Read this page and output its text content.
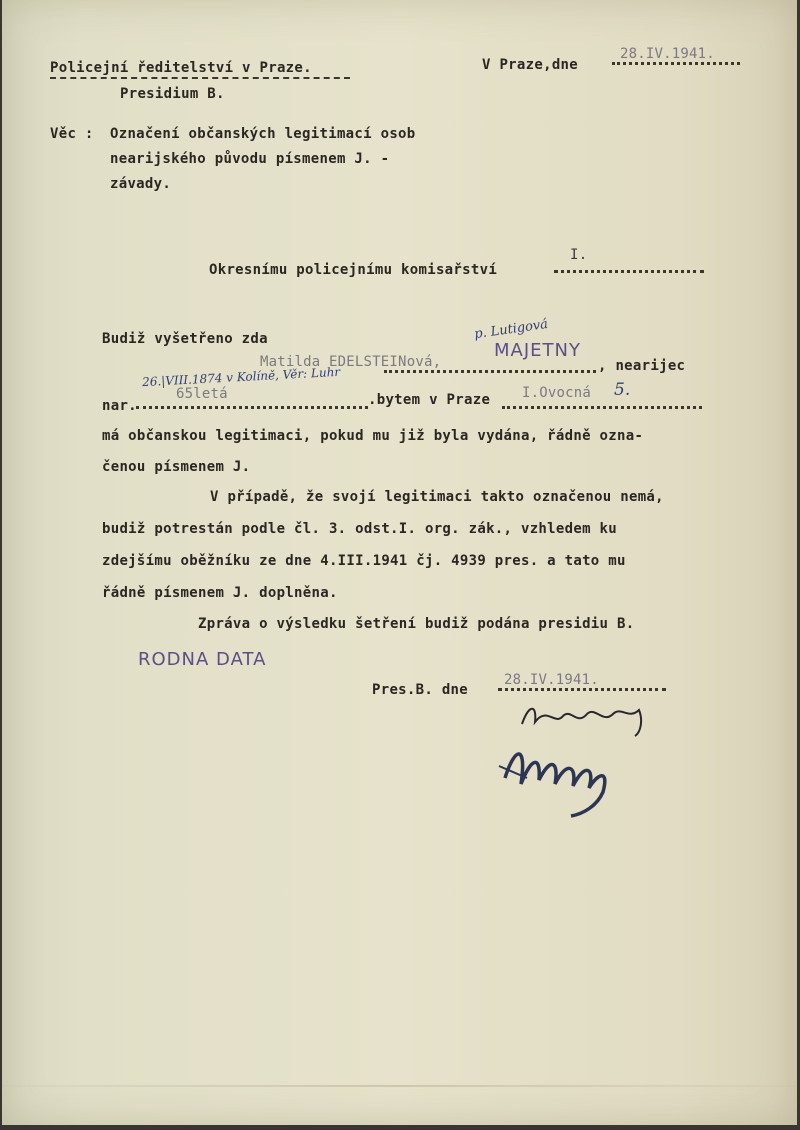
Policejní ředitelství v Praze.
Presidium B.
V Praze,dne
28.IV.1941.
Věc : Označení občanských legitimací osob
nearijského původu písmenem J. -
závady.
I.
Okresnímu policejnímu komisařství
Budiž vyšetřeno zda	p. Lutigová
26.|VIII.1874 v Kolíně, Věr: Luhr
Matilda EDELSTEINová,
MAJETNY
, nearijec
nar.
65letá	.bytem v Praze I.Ovocná 5.
má občanskou legitimaci, pokud mu již byla vydána, řádně ozna-
čenou písmenem J.
V případě, že svojí legitimaci takto označenou nemá,
budiž potrestán podle čl. 3. odst.I. org. zák., vzhledem ku
zdejšímu oběžníku ze dne 4.III.1941 čj. 4939 pres. a tato mu
řádně písmenem J. doplněna.
Zpráva o výsledku šetření budiž podána presidiu B.
RODNA DATA
Pres.B. dne
28.IV.1941.
